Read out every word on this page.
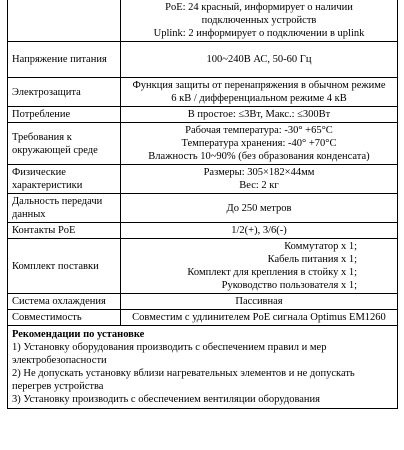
	PoE: 24 красный, информирует о наличии
подключенных устройств
Uplink: 2 информирует о подключении в uplink

Напряжение питания	100~240В АС, 50-60 Гц

Электрозащита	Функция защиты от перенапряжения в обычном режиме
6 кВ / дифференциальном режиме 4 кВ

Потребление	В простое: ≤3Вт, Макс.: ≤300Вт

Требования к окружающей среде	Рабочая температура: -30° +65°С
Температура хранения: -40° +70°С
Влажность 10~90% (без образования конденсата)

Физические характеристики	Размеры: 305×182×44мм
Вес: 2 кг

Дальность передачи данных	До 250 метров

Контакты PoE	1/2(+), 3/6(-)

Комплект поставки	Коммутатор х 1;
Кабель питания х 1;
Комплект для крепления в стойку х 1;
Руководство пользователя х 1;

Система охлаждения	Пассивная

Совместимость	Совместим с удлинителем PoE сигнала Optimus EM1260

Рекомендации по установке
1) Установку оборудования производить с обеспечением правил и мер электробезопасности
2) Не допускать установку вблизи нагревательных элементов и не допускать перегрев устройства
3) Установку производить с обеспечением вентиляции оборудования	
